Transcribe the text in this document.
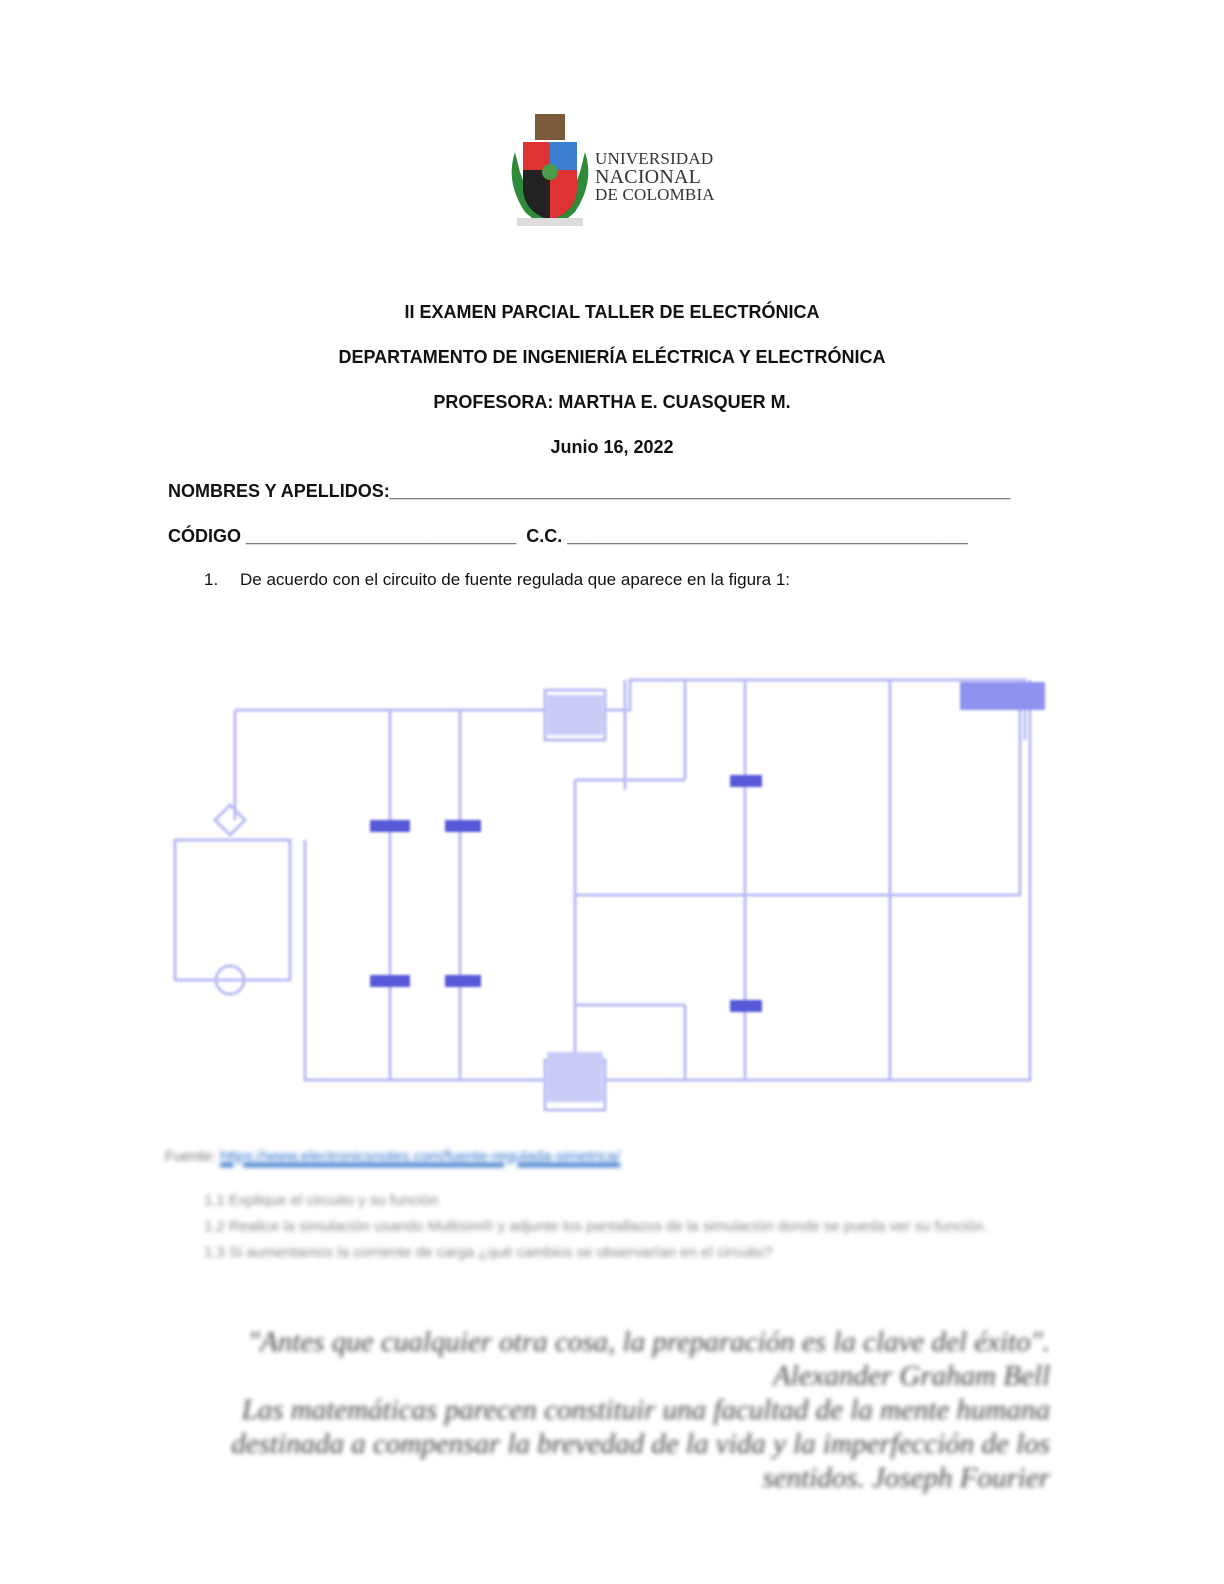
UNIVERSIDAD
NACIONAL
DE COLOMBIA
II EXAMEN PARCIAL TALLER DE ELECTRÓNICA
DEPARTAMENTO DE INGENIERÍA ELÉCTRICA Y ELECTRÓNICA
PROFESORA: MARTHA E. CUASQUER M.
Junio 16, 2022
NOMBRES Y APELLIDOS:______________________________________________________________
CÓDIGO ___________________________  C.C. ________________________________________
1. De acuerdo con el circuito de fuente regulada que aparece en la figura 1:
Fuente: https://www.electronicsnotes.com/fuente-regulada-simetrica/
1.1 Explique el circuito y su función
1.2 Realice la simulación usando Multisim® y adjunte los pantallazos de la simulación donde se pueda ver su función.
1.3 Si aumentamos la corriente de carga ¿qué cambios se observarían en el circuito?

"Antes que cualquier otra cosa, la preparación es la clave del éxito".

Alexander Graham Bell

Las matemáticas parecen constituir una facultad de la mente humana destinada a compensar la brevedad de la vida y la imperfección de los sentidos. Joseph Fourier
